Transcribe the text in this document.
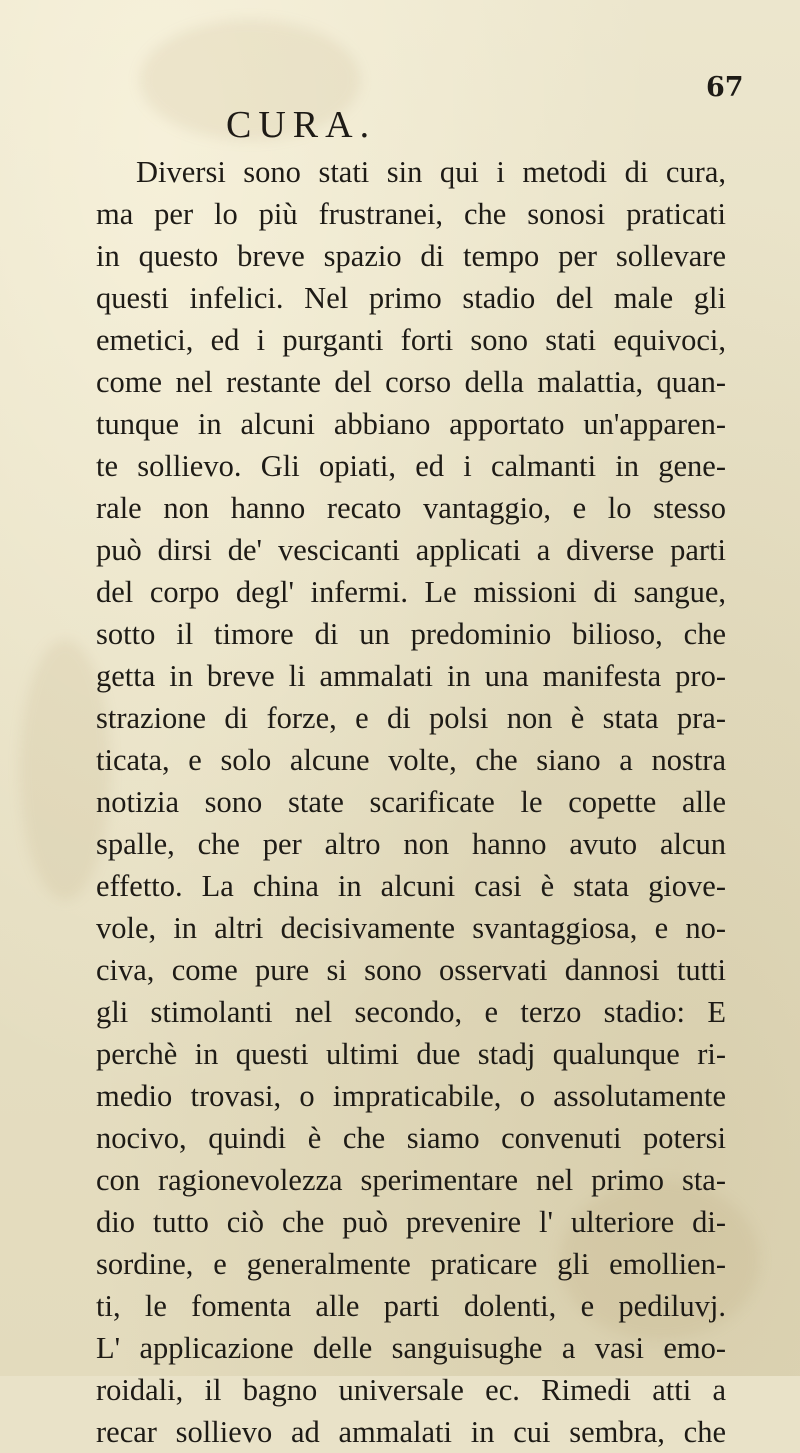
67
CURA.
Diversi sono stati sin qui i metodi di cura,
ma per lo più frustranei, che sonosi praticati
in questo breve spazio di tempo per sollevare
questi infelici. Nel primo stadio del male gli
emetici, ed i purganti forti sono stati equivoci,
come nel restante del corso della malattia, quan-
tunque in alcuni abbiano apportato un'apparen-
te sollievo. Gli opiati, ed i calmanti in gene-
rale non hanno recato vantaggio, e lo stesso
può dirsi de' vescicanti applicati a diverse parti
del corpo degl' infermi. Le missioni di sangue,
sotto il timore di un predominio bilioso, che
getta in breve li ammalati in una manifesta pro-
strazione di forze, e di polsi non è stata pra-
ticata, e solo alcune volte, che siano a nostra
notizia sono state scarificate le copette alle
spalle, che per altro non hanno avuto alcun
effetto. La china in alcuni casi è stata giove-
vole, in altri decisivamente svantaggiosa, e no-
civa, come pure si sono osservati dannosi tutti
gli stimolanti nel secondo, e terzo stadio: E
perchè in questi ultimi due stadj qualunque ri-
medio trovasi, o impraticabile, o assolutamente
nocivo, quindi è che siamo convenuti potersi
con ragionevolezza sperimentare nel primo sta-
dio tutto ciò che può prevenire l' ulteriore di-
sordine, e generalmente praticare gli emollien-
ti, le fomenta alle parti dolenti, e pediluvj.
L' applicazione delle sanguisughe a vasi emo-
roidali, il bagno universale ec. Rimedi atti a
recar sollievo ad ammalati in cui sembra, che
